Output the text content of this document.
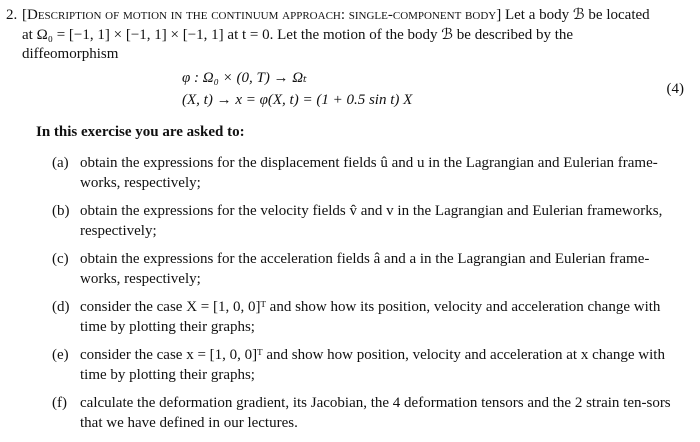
2. [Description of motion in the continuum approach: single-component body] Let a body ℬ be located
at Ω₀ = [−1, 1] × [−1, 1] × [−1, 1] at t = 0. Let the motion of the body ℬ be described by the
diffeomorphism
φ : Ω₀ × (0, T) → Ωₜ
(X, t) → x = φ(X, t) = (1 + 0.5 sin t) X
(4)
In this exercise you are asked to:
(a) obtain the expressions for the displacement fields û and u in the Lagrangian and Eulerian frame-works, respectively;
(b) obtain the expressions for the velocity fields v̂ and v in the Lagrangian and Eulerian frameworks, respectively;
(c) obtain the expressions for the acceleration fields â and a in the Lagrangian and Eulerian frame-works, respectively;
(d) consider the case X = [1, 0, 0]ᵀ and show how its position, velocity and acceleration change with time by plotting their graphs;
(e) consider the case x = [1, 0, 0]ᵀ and show how position, velocity and acceleration at x change with time by plotting their graphs;
(f) calculate the deformation gradient, its Jacobian, the 4 deformation tensors and the 2 strain ten-sors that we have defined in our lectures.
